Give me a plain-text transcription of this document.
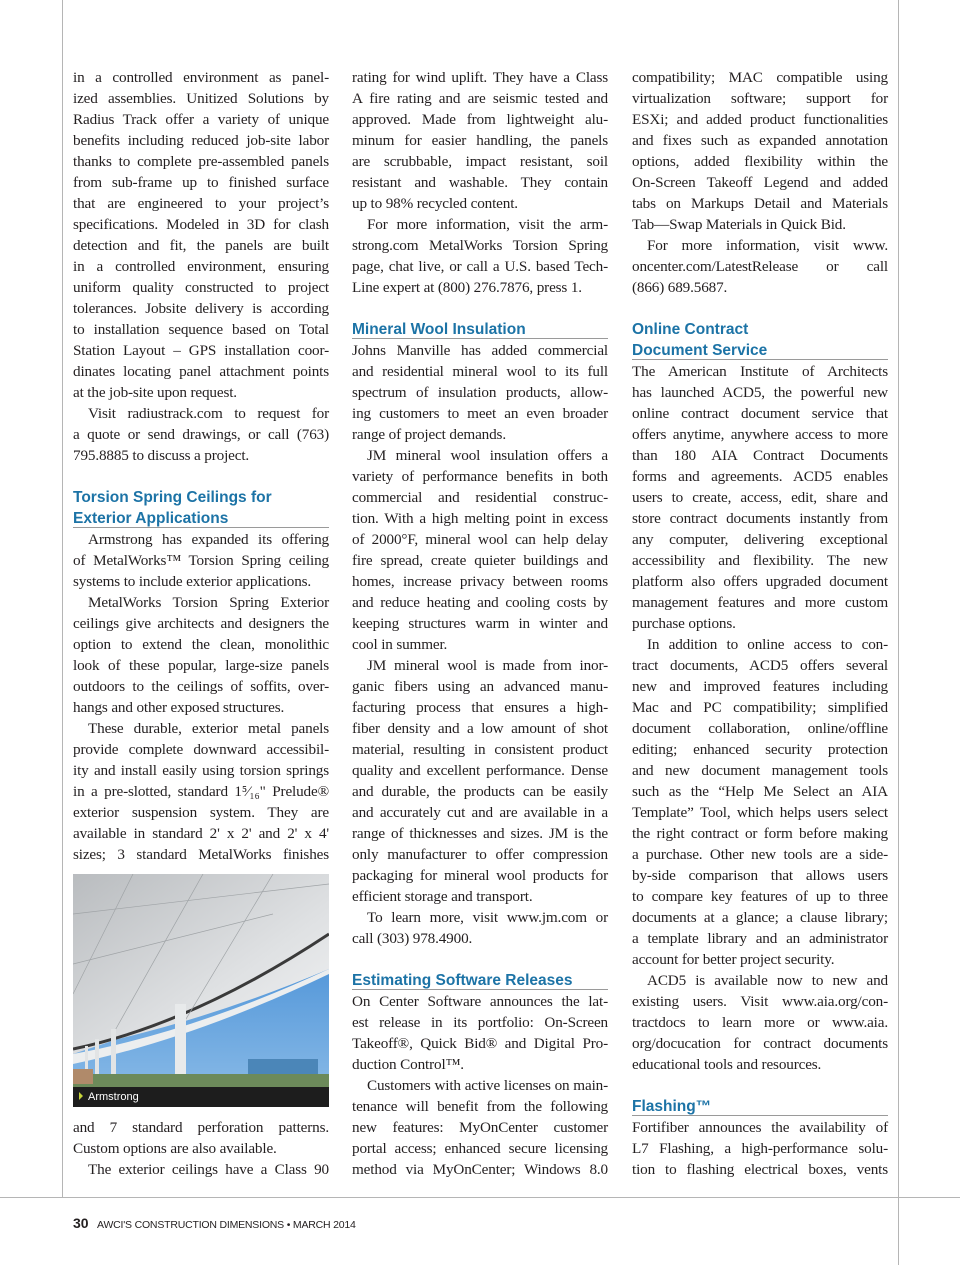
in a controlled environment as panel-
ized assemblies. Unitized Solutions by
Radius Track offer a variety of unique
benefits including reduced job-site labor
thanks to complete pre-assembled panels
from sub-frame up to finished surface
that are engineered to your project’s
specifications. Modeled in 3D for clash
detection and fit, the panels are built
in a controlled environment, ensuring
uniform quality constructed to project
tolerances. Jobsite delivery is according
to installation sequence based on Total
Station Layout – GPS installation coor-
dinates locating panel attachment points
at the job-site upon request.
Visit radiustrack.com to request for
a quote or send drawings, or call (763)
795.8885 to discuss a project.
Torsion Spring Ceilings for
Exterior Applications
Armstrong has expanded its offering
of MetalWorks™ Torsion Spring ceiling
systems to include exterior applications.
MetalWorks Torsion Spring Exterior
ceilings give architects and designers the
option to extend the clean, monolithic
look of these popular, large-size panels
outdoors to the ceilings of soffits, over-
hangs and other exposed structures.
These durable, exterior metal panels
provide complete downward accessibil-
ity and install easily using torsion springs
in a pre-slotted, standard 1⁵⁄₁₆" Prelude®
exterior suspension system. They are
available in standard 2' x 2' and 2' x 4'
sizes; 3 standard MetalWorks finishes
Armstrong
and 7 standard perforation patterns.
Custom options are also available.
The exterior ceilings have a Class 90
rating for wind uplift. They have a Class
A fire rating and are seismic tested and
approved. Made from lightweight alu-
minum for easier handling, the panels
are scrubbable, impact resistant, soil
resistant and washable. They contain
up to 98% recycled content.
For more information, visit the arm-
strong.com MetalWorks Torsion Spring
page, chat live, or call a U.S. based Tech-
Line expert at (800) 276.7876, press 1.
Mineral Wool Insulation
Johns Manville has added commercial
and residential mineral wool to its full
spectrum of insulation products, allow-
ing customers to meet an even broader
range of project demands.
JM mineral wool insulation offers a
variety of performance benefits in both
commercial and residential construc-
tion. With a high melting point in excess
of 2000°F, mineral wool can help delay
fire spread, create quieter buildings and
homes, increase privacy between rooms
and reduce heating and cooling costs by
keeping structures warm in winter and
cool in summer.
JM mineral wool is made from inor-
ganic fibers using an advanced manu-
facturing process that ensures a high-
fiber density and a low amount of shot
material, resulting in consistent product
quality and excellent performance. Dense
and durable, the products can be easily
and accurately cut and are available in a
range of thicknesses and sizes. JM is the
only manufacturer to offer compression
packaging for mineral wool products for
efficient storage and transport.
To learn more, visit www.jm.com or
call (303) 978.4900.
Estimating Software Releases
On Center Software announces the lat-
est release in its portfolio: On-Screen
Takeoff®, Quick Bid® and Digital Pro-
duction Control™.
Customers with active licenses on main-
tenance will benefit from the following
new features: MyOnCenter customer
portal access; enhanced secure licensing
method via MyOnCenter; Windows 8.0
compatibility; MAC compatible using
virtualization software; support for
ESXi; and added product functionalities
and fixes such as expanded annotation
options, added flexibility within the
On-Screen Takeoff Legend and added
tabs on Markups Detail and Materials
Tab—Swap Materials in Quick Bid.
For more information, visit www.
oncenter.com/LatestRelease or call
(866) 689.5687.
Online Contract
Document Service
The American Institute of Architects
has launched ACD5, the powerful new
online contract document service that
offers anytime, anywhere access to more
than 180 AIA Contract Documents
forms and agreements. ACD5 enables
users to create, access, edit, share and
store contract documents instantly from
any computer, delivering exceptional
accessibility and flexibility. The new
platform also offers upgraded document
management features and more custom
purchase options.
In addition to online access to con-
tract documents, ACD5 offers several
new and improved features including
Mac and PC compatibility; simplified
document collaboration, online/offline
editing; enhanced security protection
and new document management tools
such as the “Help Me Select an AIA
Template” Tool, which helps users select
the right contract or form before making
a purchase. Other new tools are a side-
by-side comparison that allows users
to compare key features of up to three
documents at a glance; a clause library;
a template library and an administrator
account for better project security.
ACD5 is available now to new and
existing users. Visit www.aia.org/con-
tractdocs to learn more or www.aia.
org/docucation for contract documents
educational tools and resources.
Flashing™
Fortifiber announces the availability of
L7 Flashing, a high-performance solu-
tion to flashing electrical boxes, vents
30 AWCI'S CONSTRUCTION DIMENSIONS • MARCH 2014
